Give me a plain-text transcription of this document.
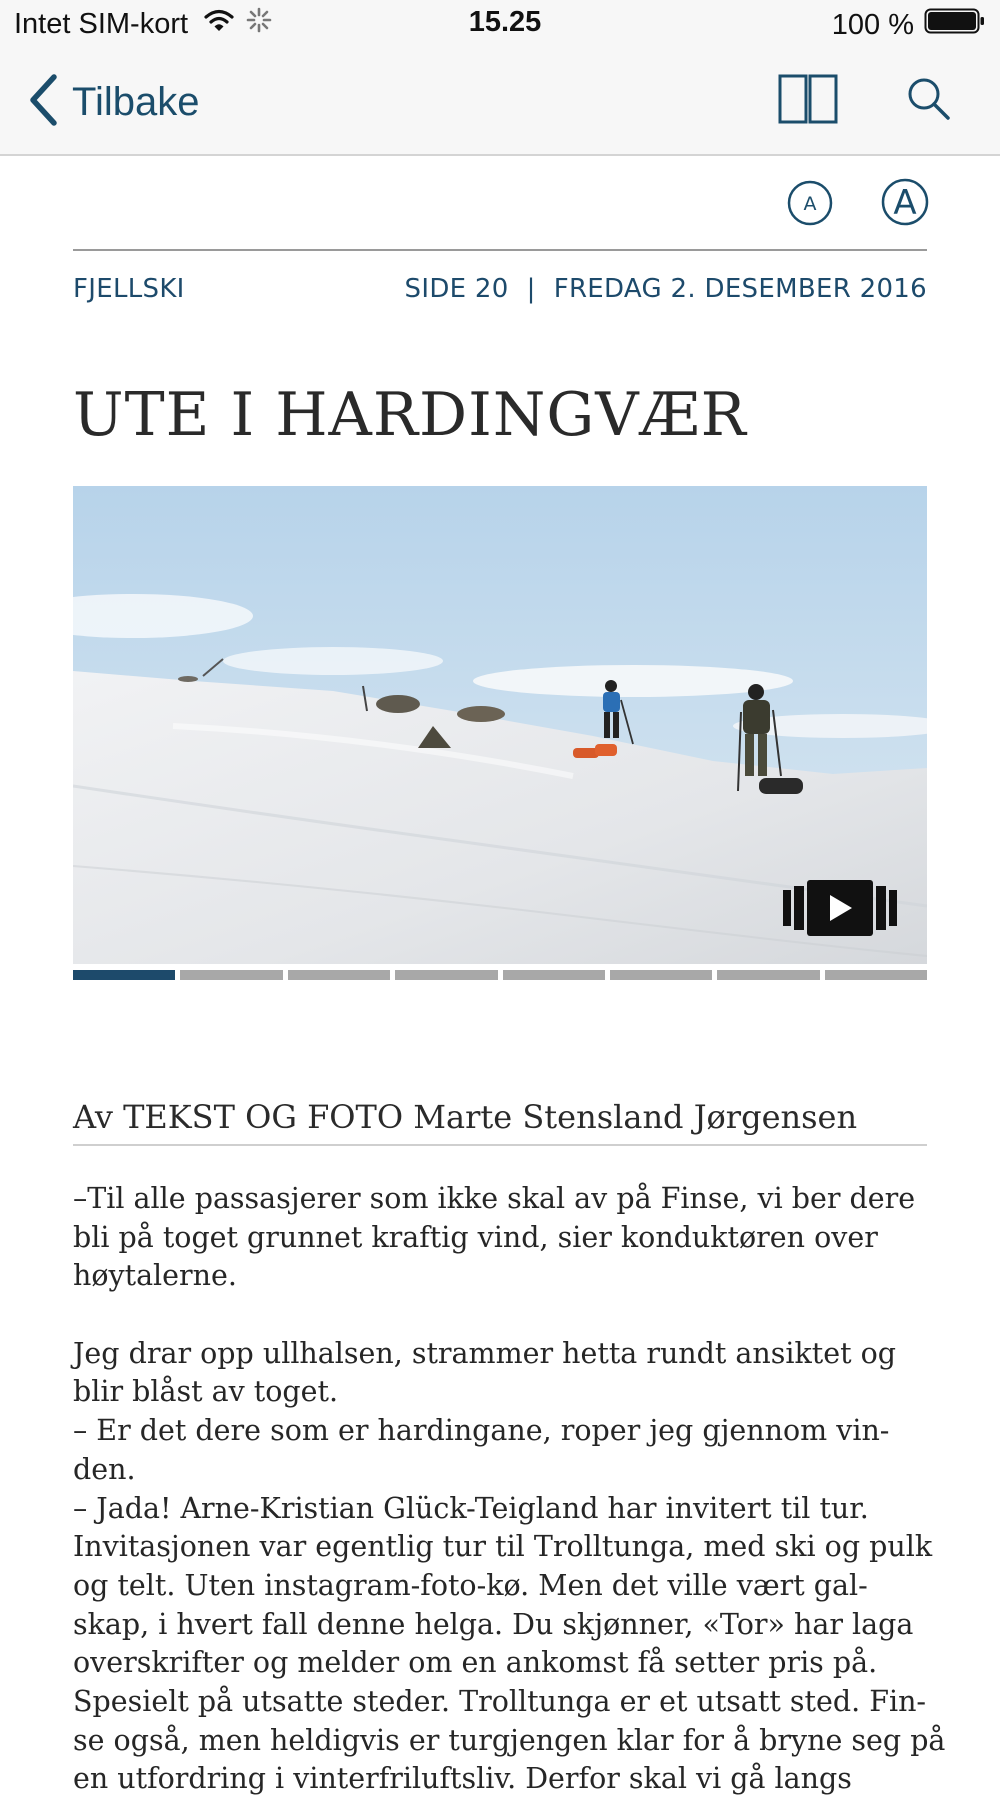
Intet SIM-kort	15.25	100 %
Tilbake
A A
FJELLSKI	SIDE 20 | FREDAG 2. DESEMBER 2016
UTE I HARDINGVÆR
Av TEKST OG FOTO Marte Stensland Jørgensen
–Til alle passasjerer som ikke skal av på Finse, vi ber dere
bli på toget grunnet kraftig vind, sier konduktøren over
høytalerne.
Jeg drar opp ullhalsen, strammer hetta rundt ansiktet og
blir blåst av toget.
– Er det dere som er hardingane, roper jeg gjennom vin-
den.
– Jada! Arne-Kristian Glück-Teigland har invitert til tur.
Invitasjonen var egentlig tur til Trolltunga, med ski og pulk
og telt. Uten instagram-foto-kø. Men det ville vært gal-
skap, i hvert fall denne helga. Du skjønner, «Tor» har laga
overskrifter og melder om en ankomst få setter pris på.
Spesielt på utsatte steder. Trolltunga er et utsatt sted. Fin-
se også, men heldigvis er turgjengen klar for å bryne seg på
en utfordring i vinterfriluftsliv. Derfor skal vi gå langs
